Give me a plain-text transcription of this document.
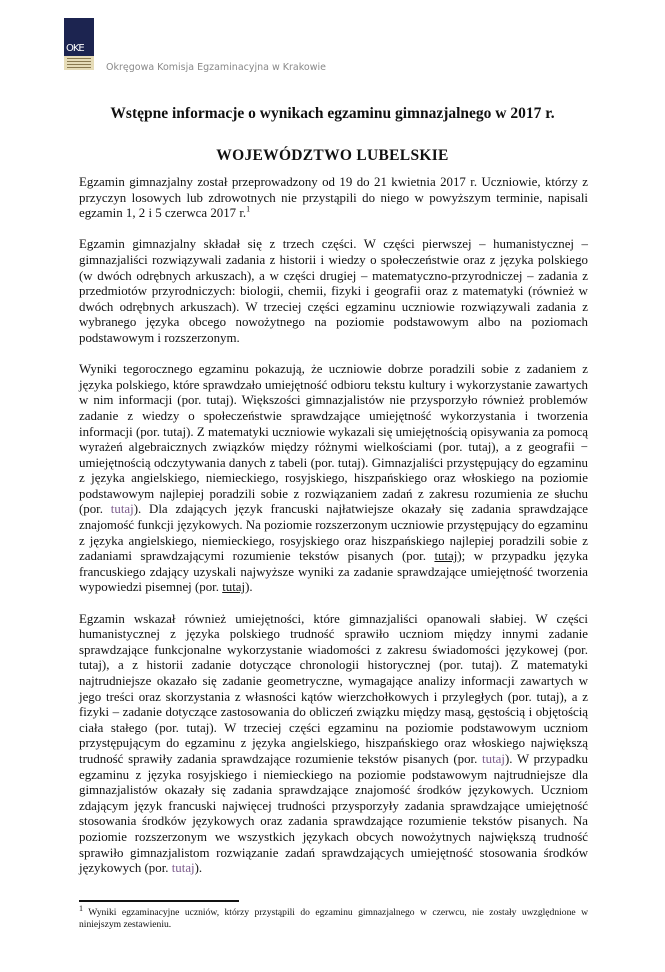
OKE
Okręgowa Komisja Egzaminacyjna w Krakowie
Wstępne informacje o wynikach egzaminu gimnazjalnego w 2017 r.
WOJEWÓDZTWO LUBELSKIE

Egzamin gimnazjalny został przeprowadzony od 19 do 21 kwietnia 2017 r. Uczniowie, którzy z przyczyn losowych lub zdrowotnych nie przystąpili do niego w powyższym terminie, napisali egzamin 1, 2 i 5 czerwca 2017 r.$^1$

Egzamin gimnazjalny składał się z trzech części. W części pierwszej – humanistycznej – gimnazjaliści rozwiązywali zadania z historii i wiedzy o społeczeństwie oraz z języka polskiego (w dwóch odrębnych arkuszach), a w części drugiej – matematyczno-przyrodniczej – zadania z przedmiotów przyrodniczych: biologii, chemii, fizyki i geografii oraz z matematyki (również w dwóch odrębnych arkuszach). W trzeciej części egzaminu uczniowie rozwiązywali zadania z wybranego języka obcego nowożytnego na poziomie podstawowym albo na poziomach podstawowym i rozszerzonym.

Wyniki tegorocznego egzaminu pokazują, że uczniowie dobrze poradzili sobie z zadaniem z języka polskiego, które sprawdzało umiejętność odbioru tekstu kultury i wykorzystanie zawartych w nim informacji (por. tutaj). Większości gimnazjalistów nie przysporzyło również problemów zadanie z wiedzy o społeczeństwie sprawdzające umiejętność wykorzystania i tworzenia informacji (por. tutaj). Z matematyki uczniowie wykazali się umiejętnością opisywania za pomocą wyrażeń algebraicznych związków między różnymi wielkościami (por. tutaj), a z geografii − umiejętnością odczytywania danych z tabeli (por. tutaj). Gimnazjaliści przystępujący do egzaminu z języka angielskiego, niemieckiego, rosyjskiego, hiszpańskiego oraz włoskiego na poziomie podstawowym najlepiej poradzili sobie z rozwiązaniem zadań z zakresu rozumienia ze słuchu (por. tutaj). Dla zdających język francuski najłatwiejsze okazały się zadania sprawdzające znajomość funkcji językowych. Na poziomie rozszerzonym uczniowie przystępujący do egzaminu z języka angielskiego, niemieckiego, rosyjskiego oraz hiszpańskiego najlepiej poradzili sobie z zadaniami sprawdzającymi rozumienie tekstów pisanych (por. tutaj); w przypadku języka francuskiego zdający uzyskali najwyższe wyniki za zadanie sprawdzające umiejętność tworzenia wypowiedzi pisemnej (por. tutaj).

Egzamin wskazał również umiejętności, które gimnazjaliści opanowali słabiej. W części humanistycznej z języka polskiego trudność sprawiło uczniom między innymi zadanie sprawdzające funkcjonalne wykorzystanie wiadomości z zakresu świadomości językowej (por. tutaj), a z historii zadanie dotyczące chronologii historycznej (por. tutaj). Z matematyki najtrudniejsze okazało się zadanie geometryczne, wymagające analizy informacji zawartych w jego treści oraz skorzystania z własności kątów wierzchołkowych i przyległych (por. tutaj), a z fizyki – zadanie dotyczące zastosowania do obliczeń związku między masą, gęstością i objętością ciała stałego (por. tutaj). W trzeciej części egzaminu na poziomie podstawowym uczniom przystępującym do egzaminu z języka angielskiego, hiszpańskiego oraz włoskiego największą trudność sprawiły zadania sprawdzające rozumienie tekstów pisanych (por. tutaj). W przypadku egzaminu z języka rosyjskiego i niemieckiego na poziomie podstawowym najtrudniejsze dla gimnazjalistów okazały się zadania sprawdzające znajomość środków językowych. Uczniom zdającym język francuski najwięcej trudności przysporzyły zadania sprawdzające umiejętność stosowania środków językowych oraz zadania sprawdzające rozumienie tekstów pisanych. Na poziomie rozszerzonym we wszystkich językach obcych nowożytnych największą trudność sprawiło gimnazjalistom rozwiązanie zadań sprawdzających umiejętność stosowania środków językowych (por. tutaj).

$^1$ Wyniki egzaminacyjne uczniów, którzy przystąpili do egzaminu gimnazjalnego w czerwcu, nie zostały uwzględnione w niniejszym zestawieniu.
